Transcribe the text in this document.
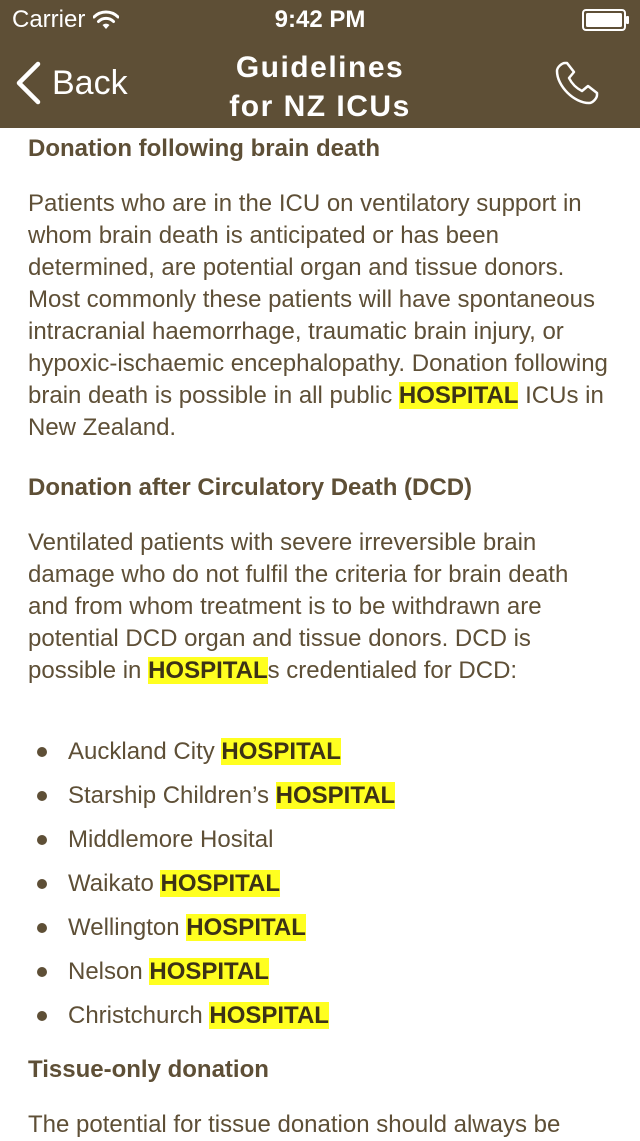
Carrier	9:42 PM
Back	Guidelines
for NZ ICUs
Donation following brain death

Patients who are in the ICU on ventilatory support in whom brain death is anticipated or has been determined, are potential organ and tissue donors. Most commonly these patients will have spontaneous intracranial haemorrhage, traumatic brain injury, or hypoxic-ischaemic encephalopathy. Donation following brain death is possible in all public HOSPITAL ICUs in New Zealand.

Donation after Circulatory Death (DCD)

Ventilated patients with severe irreversible brain damage who do not fulfil the criteria for brain death and from whom treatment is to be withdrawn are potential DCD organ and tissue donors. DCD is possible in HOSPITALs credentialed for DCD:

Auckland City HOSPITAL
Starship Children’s HOSPITAL
Middlemore Hosital
Waikato HOSPITAL
Wellington HOSPITAL
Nelson HOSPITAL
Christchurch HOSPITAL
Tissue-only donation

The potential for tissue donation should always be
